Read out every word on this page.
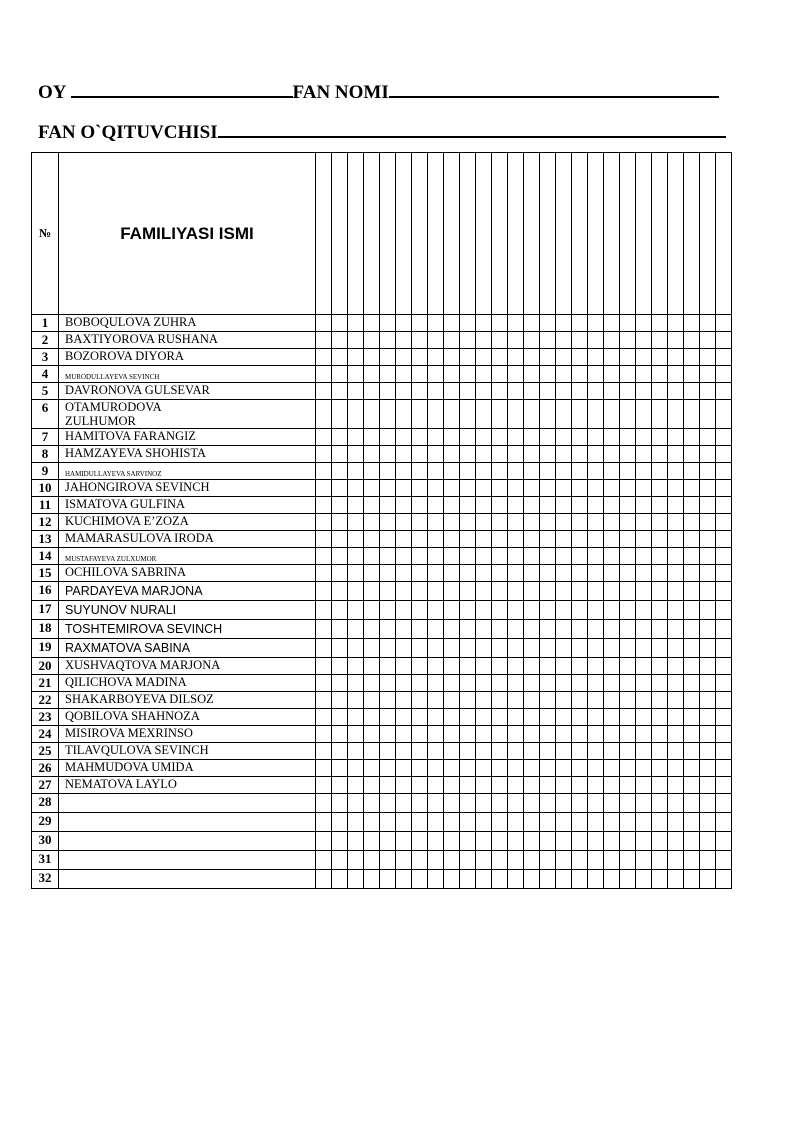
OY	FAN NOMI
FAN O`QITUVCHISI
№	FAMILIYASI ISMI																										
1	BOBOQULOVA ZUHRA																										
2	BAXTIYOROVA RUSHANA																										
3	BOZOROVA DIYORA																										
4	MURODULLAYEVA SEVINCH																										
5	DAVRONOVA GULSEVAR																										
6	OTAMURODOVA ZULHUMOR																										
7	HAMITOVA FARANGIZ																										
8	HAMZAYEVA SHOHISTA																										
9	HAMIDULLAYEVA SARVINOZ																										
10	JAHONGIROVA SEVINCH																										
11	ISMATOVA GULFINA																										
12	KUCHIMOVA E’ZOZA																										
13	MAMARASULOVA IRODA																										
14	MUSTAFAYEVA ZULXUMOR																										
15	OCHILOVA SABRINA																										
16	PARDAYEVA MARJONA																										
17	SUYUNOV NURALI																										
18	TOSHTEMIROVA SEVINCH																										
19	RAXMATOVA SABINA																										
20	XUSHVAQTOVA MARJONA																										
21	QILICHOVA MADINA																										
22	SHAKARBOYEVA DILSOZ																										
23	QOBILOVA SHAHNOZA																										
24	MISIROVA MEXRINSO																										
25	TILAVQULOVA SEVINCH																										
26	MAHMUDOVA UMIDA																										
27	NEMATOVA LAYLO																										
28																											
29																											
30																											
31																											
32																											
